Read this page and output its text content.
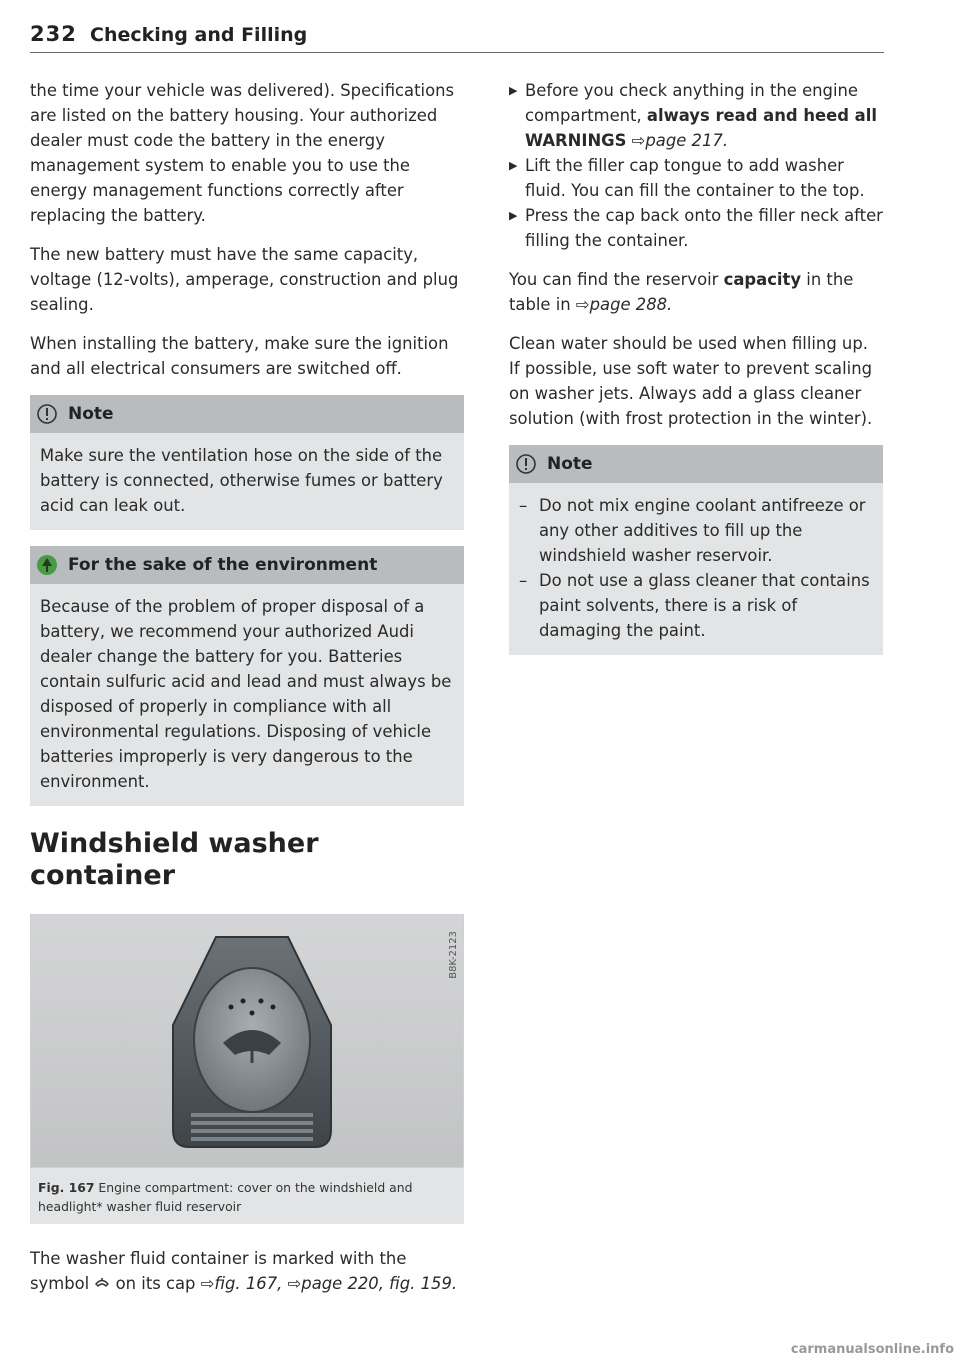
232 Checking and Filling

the time your vehicle was delivered). Specifications are listed on the battery housing. Your authorized dealer must code the battery in the energy management system to enable you to use the energy management functions correctly after replacing the battery.

The new battery must have the same capacity, voltage (12-volts), amperage, construction and plug sealing.

When installing the battery, make sure the ignition and all electrical consumers are switched off.

Note

Make sure the ventilation hose on the side of the battery is connected, otherwise fumes or battery acid can leak out.

For the sake of the environment

Because of the problem of proper disposal of a battery, we recommend your authorized Audi dealer change the battery for you. Batteries contain sulfuric acid and lead and must always be disposed of properly in compliance with all environmental regulations. Disposing of vehicle batteries improperly is very dangerous to the environment.

Windshield washer container
B8K-2123
Fig. 167 Engine compartment: cover on the windshield and headlight* washer fluid reservoir

The washer fluid container is marked with the symbol on its cap ⇨fig. 167, ⇨page 220, fig. 159.

▶ Before you check anything in the engine compartment, always read and heed all WARNINGS ⇨page 217.
▶ Lift the filler cap tongue to add washer fluid. You can fill the container to the top.
▶ Press the cap back onto the filler neck after filling the container.

You can find the reservoir capacity in the table in ⇨page 288.

Clean water should be used when filling up. If possible, use soft water to prevent scaling on washer jets. Always add a glass cleaner solution (with frost protection in the winter).

Note
– Do not mix engine coolant antifreeze or any other additives to fill up the windshield washer reservoir.
– Do not use a glass cleaner that contains paint solvents, there is a risk of damaging the paint.
carmanualsonline.info
